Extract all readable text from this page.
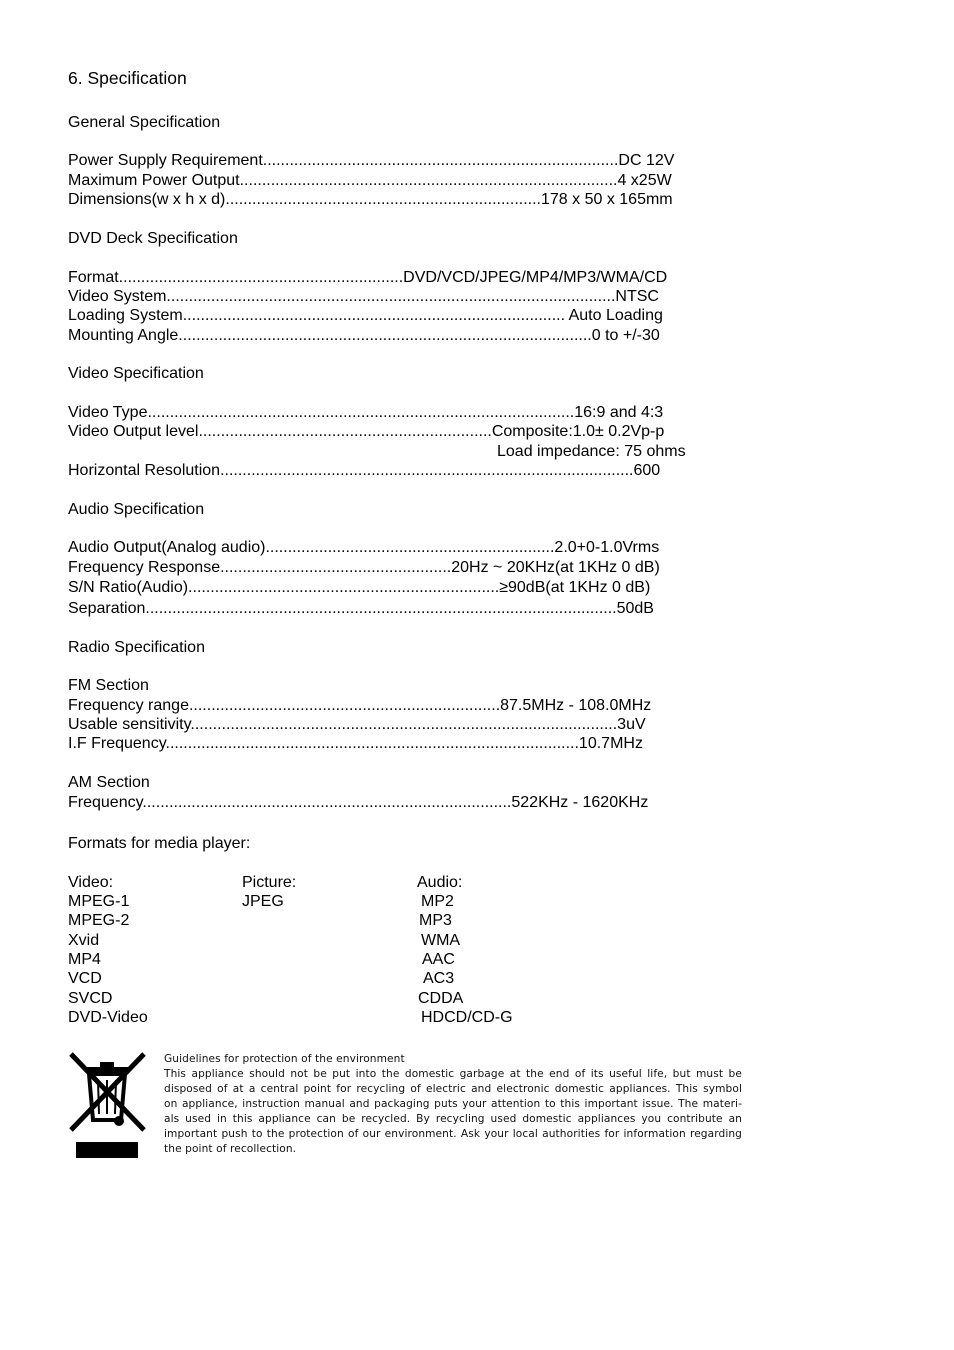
6. Specification

General Specification

Power Supply Requirement................................................................................DC 12V

Maximum Power Output.....................................................................................4 x25W

Dimensions(w x h x d).......................................................................178 x 50 x 165mm

DVD Deck Specification

Format................................................................DVD/VCD/JPEG/MP4/MP3/WMA/CD

Video System.....................................................................................................NTSC

Loading System...................................................................................... Auto Loading

Mounting Angle.............................................................................................0 to +/-30

Video Specification

Video Type................................................................................................16:9 and 4:3

Video Output level..................................................................Composite:1.0± 0.2Vp-p

Load impedance: 75 ohms

Horizontal Resolution.............................................................................................600

Audio Specification

Audio Output(Analog audio).................................................................2.0+0-1.0Vrms

Frequency Response....................................................20Hz ~ 20KHz(at 1KHz 0 dB)

S/N Ratio(Audio)......................................................................≥90dB(at 1KHz 0 dB)

Separation..........................................................................................................50dB

Radio Specification

FM Section

Frequency range......................................................................87.5MHz - 108.0MHz

Usable sensitivity................................................................................................3uV

I.F Frequency.............................................................................................10.7MHz

AM Section

Frequency...................................................................................522KHz - 1620KHz

Formats for media player:

Video:

MPEG-1

MPEG-2

Xvid

MP4

VCD

SVCD

DVD-Video

Picture:

JPEG

Audio:

MP2

MP3

WMA

AAC

AC3

CDDA

HDCD/CD-G

Guidelines for protection of the environment

This appliance should not be put into the domestic garbage at the end of its useful life, but must be

disposed of at a central point for recycling of electric and electronic domestic appliances. This symbol

on appliance, instruction manual and packaging puts your attention to this important issue. The materi-

als used in this appliance can be recycled. By recycling used domestic appliances you contribute an

important push to the protection of our environment. Ask your local authorities for information regarding

the point of recollection.
